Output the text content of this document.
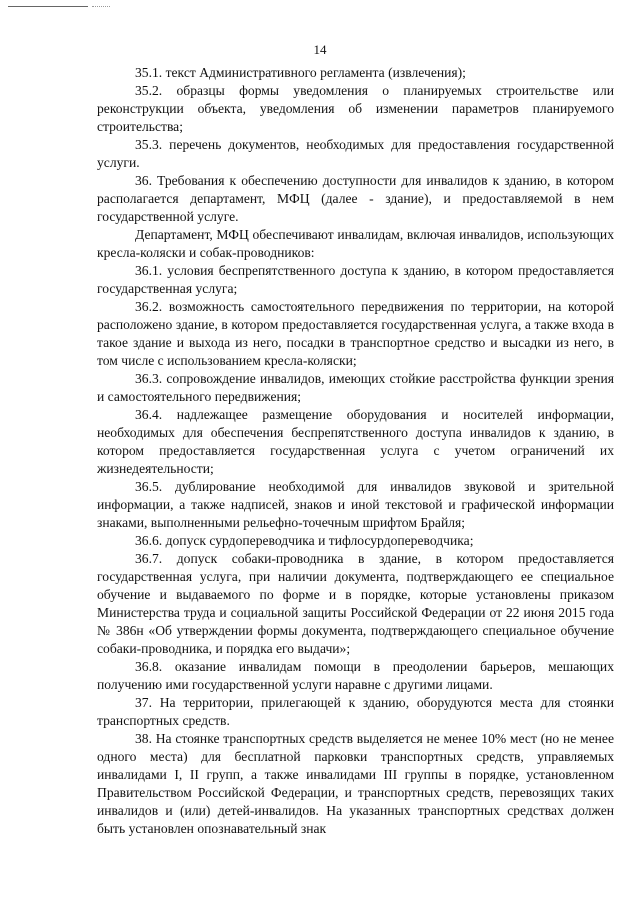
14

35.1. текст Административного регламента (извлечения);

35.2. образцы формы уведомления о планируемых строительстве или реконструкции объекта, уведомления об изменении параметров планируемого строительства;

35.3. перечень документов, необходимых для предоставления государственной услуги.

36. Требования к обеспечению доступности для инвалидов к зданию, в котором располагается департамент, МФЦ (далее - здание), и предоставляемой в нем государственной услуге.

Департамент, МФЦ обеспечивают инвалидам, включая инвалидов, использующих кресла-коляски и собак-проводников:

36.1. условия беспрепятственного доступа к зданию, в котором предоставляется государственная услуга;

36.2. возможность самостоятельного передвижения по территории, на которой расположено здание, в котором предоставляется государственная услуга, а также входа в такое здание и выхода из него, посадки в транспортное средство и высадки из него, в том числе с использованием кресла-коляски;

36.3. сопровождение инвалидов, имеющих стойкие расстройства функции зрения и самостоятельного передвижения;

36.4. надлежащее размещение оборудования и носителей информации, необходимых для обеспечения беспрепятственного доступа инвалидов к зданию, в котором предоставляется государственная услуга с учетом ограничений их жизнедеятельности;

36.5. дублирование необходимой для инвалидов звуковой и зрительной информации, а также надписей, знаков и иной текстовой и графической информации знаками, выполненными рельефно-точечным шрифтом Брайля;

36.6. допуск сурдопереводчика и тифлосурдопереводчика;

36.7. допуск собаки-проводника в здание, в котором предоставляется государственная услуга, при наличии документа, подтверждающего ее специальное обучение и выдаваемого по форме и в порядке, которые установлены приказом Министерства труда и социальной защиты Российской Федерации от 22 июня 2015 года № 386н «Об утверждении формы документа, подтверждающего специальное обучение собаки-проводника, и порядка его выдачи»;

36.8. оказание инвалидам помощи в преодолении барьеров, мешающих получению ими государственной услуги наравне с другими лицами.

37. На территории, прилегающей к зданию, оборудуются места для стоянки транспортных средств.

38. На стоянке транспортных средств выделяется не менее 10% мест (но не менее одного места) для бесплатной парковки транспортных средств, управляемых инвалидами I, II групп, а также инвалидами III группы в порядке, установленном Правительством Российской Федерации, и транспортных средств, перевозящих таких инвалидов и (или) детей-инвалидов. На указанных транспортных средствах должен быть установлен опознавательный знак
